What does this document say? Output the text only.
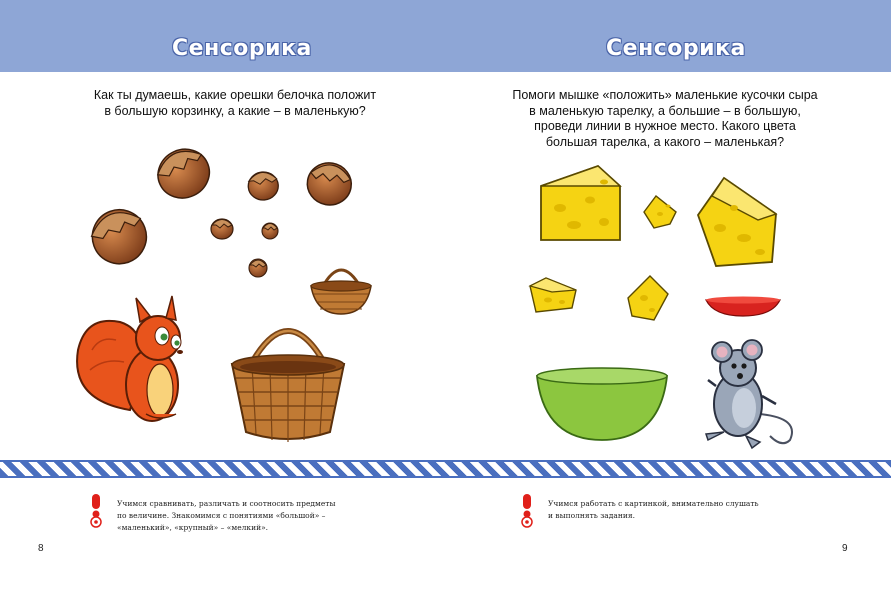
Сенсорика
Как ты думаешь, какие орешки белочка положит
в большую корзинку, а какие – в маленькую?
Сенсорика
Помоги мышке «положить» маленькие кусочки сыра
в маленькую тарелку, а большие – в большую,
проведи линии в нужное место. Какого цвета
большая тарелка, а какого – маленькая?
Учимся сравнивать, различать и соотносить предметы
по величине. Знакомимся с понятиями «большой» –
«маленький», «крупный» – «мелкий».
Учимся работать с картинкой, внимательно слушать
и выполнять задания.
8	9
